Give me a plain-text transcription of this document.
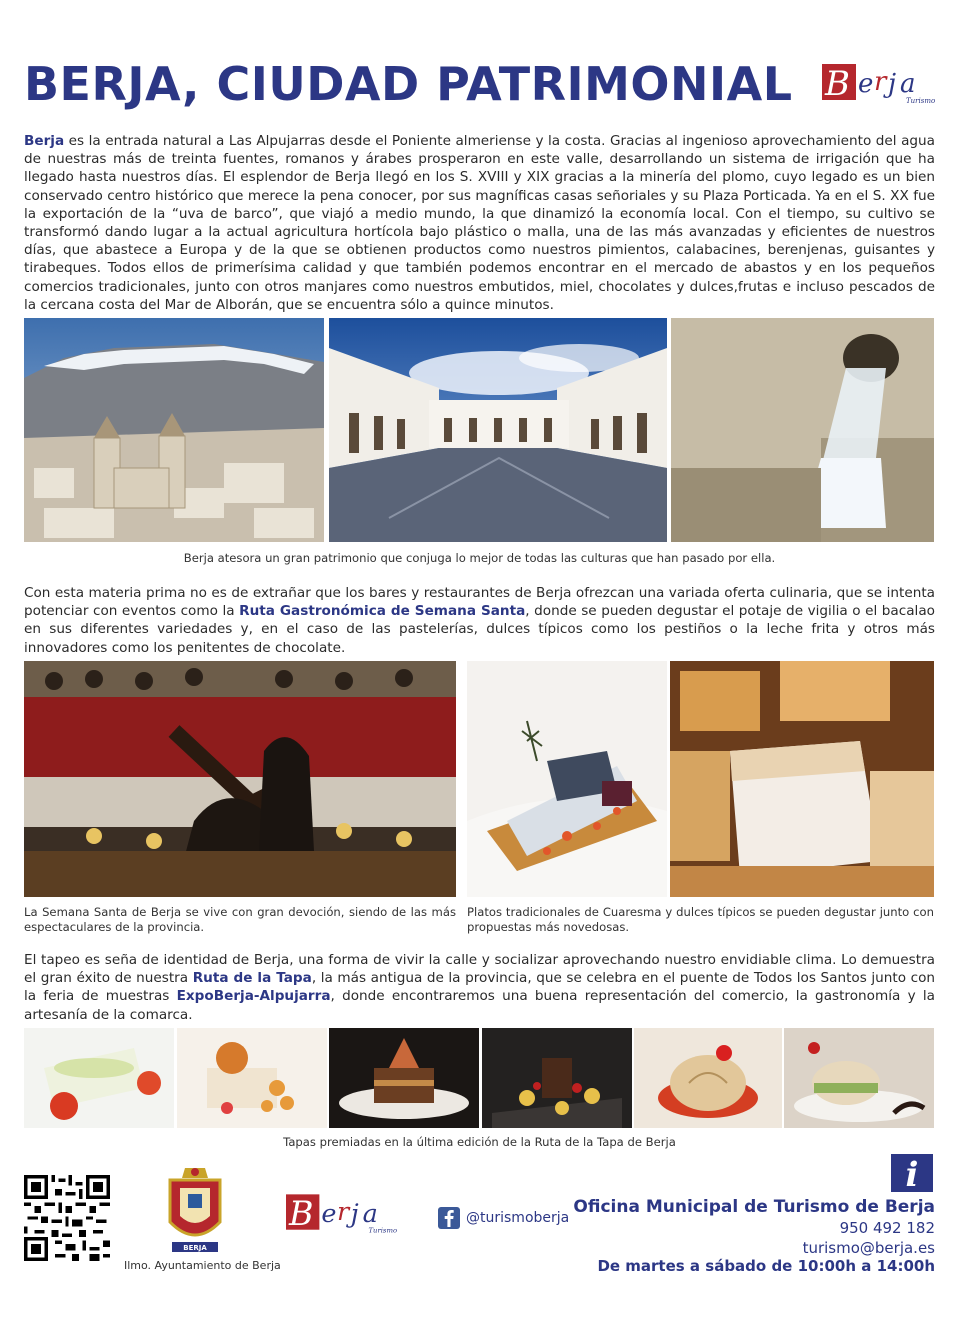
BERJA, CIUDAD PATRIMONIAL B e r j a
Turismo

Berja es la entrada natural a Las Alpujarras desde el Poniente almeriense y la costa. Gracias al ingenioso aprovechamiento del agua de nuestras más de treinta fuentes, romanos y árabes prosperaron en este valle, desarrollando un sistema de irrigación que ha llegado hasta nuestros días. El esplendor de Berja llegó en los S. XVIII y XIX gracias a la minería del plomo, cuyo legado es un bien conservado centro histórico que merece la pena conocer, por sus magníficas casas señoriales y su Plaza Porticada. Ya en el S. XX fue la exportación de la “uva de barco”, que viajó a medio mundo, la que dinamizó la economía local. Con el tiempo, su cultivo se transformó dando lugar a la actual agricultura hortícola bajo plástico o malla, una de las más avanzadas y eficientes de nuestros días, que abastece a Europa y de la que se obtienen productos como nuestros pimientos, calabacines, berenjenas, guisantes y tirabeques. Todos ellos de primerísima calidad y que también podemos encontrar en el mercado de abastos y en los pequeños comercios tradicionales, junto con otros manjares como nuestros embutidos, miel, chocolates y dulces,frutas e incluso pescados de la cercana costa del Mar de Alborán, que se encuentra sólo a quince minutos.

Berja atesora un gran patrimonio que conjuga lo mejor de todas las culturas que han pasado por ella.

Con esta materia prima no es de extrañar que los bares y restaurantes de Berja ofrezcan una variada oferta culinaria, que se intenta potenciar con eventos como la Ruta Gastronómica de Semana Santa, donde se pueden degustar el potaje de vigilia o el bacalao en sus diferentes variedades y, en el caso de las pastelerías, dulces típicos como los pestiños o la leche frita y otros más innovadores como los penitentes de chocolate.

La Semana Santa de Berja se vive con gran devoción, siendo de las más espectaculares de la provincia.
Platos tradicionales de Cuaresma y dulces típicos se pueden degustar junto con propuestas más novedosas.

El tapeo es seña de identidad de Berja, una forma de vivir la calle y socializar aprovechando nuestro envidiable clima. Lo demuestra el gran éxito de nuestra Ruta de la Tapa, la más antigua de la provincia, que se celebra en el puente de Todos los Santos junto con la feria de muestras ExpoBerja-Alpujarra, donde encontraremos una buena representación del comercio, la gastronomía y la artesanía de la comarca.

Tapas premiadas en la última edición de la Ruta de la Tapa de Berja
BERJA
Ilmo. Ayuntamiento de Berja
B e r j a
Turismo
@turismoberja
i
Oficina Municipal de Turismo de Berja
950 492 182
turismo@berja.es
De martes a sábado de 10:00h a 14:00h
